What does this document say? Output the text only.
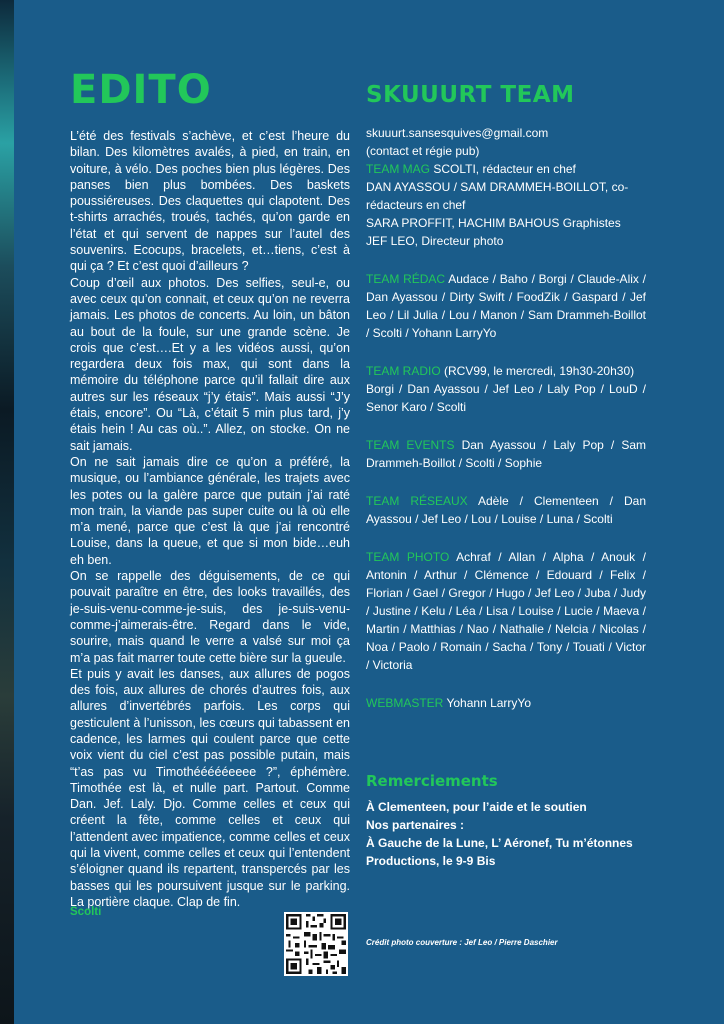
EDITO

L’été des festivals s’achève, et c’est l’heure du bilan. Des kilomètres avalés, à pied, en train, en voiture, à vélo. Des poches bien plus légères. Des panses bien plus bombées. Des baskets poussiéreuses. Des claquettes qui clapotent. Des t-shirts arrachés, troués, tachés, qu’on garde en l’état et qui servent de nappes sur l’autel des souvenirs. Ecocups, bracelets, et…tiens, c’est à qui ça ? Et c’est quoi d’ailleurs ?

Coup d’œil aux photos. Des selfies, seul-e, ou avec ceux qu’on connait, et ceux qu’on ne reverra jamais. Les photos de concerts. Au loin, un bâton au bout de la foule, sur une grande scène. Je crois que c’est….Et y a les vidéos aussi, qu’on regardera deux fois max, qui sont dans la mémoire du téléphone parce qu’il fallait dire aux autres sur les réseaux “j’y étais”. Mais aussi “J’y étais, encore”. Ou “Là, c’était 5 min plus tard, j’y étais hein ! Au cas où..”. Allez, on stocke. On ne sait jamais.

On ne sait jamais dire ce qu’on a préféré, la musique, ou l’ambiance générale, les trajets avec les potes ou la galère parce que putain j’ai raté mon train, la viande pas super cuite ou là où elle m’a mené, parce que c’est là que j’ai rencontré Louise, dans la queue, et que si mon bide…euh eh ben.

On se rappelle des déguisements, de ce qui pouvait paraître en être, des looks travaillés, des je-suis-venu-comme-je-suis, des je-suis-venu-comme-j’aimerais-être. Regard dans le vide, sourire, mais quand le verre a valsé sur moi ça m’a pas fait marrer toute cette bière sur la gueule.

Et puis y avait les danses, aux allures de pogos des fois, aux allures de chorés d’autres fois, aux allures d’invertébrés parfois. Les corps qui gesticulent à l’unisson, les cœurs qui tabassent en cadence, les larmes qui coulent parce que cette voix vient du ciel c’est pas possible putain, mais “t’as pas vu Timothéééééeeee ?”, éphémère. Timothée est là, et nulle part. Partout. Comme Dan. Jef. Laly. Djo. Comme celles et ceux qui créent la fête, comme celles et ceux qui l’attendent avec impatience, comme celles et ceux qui la vivent, comme celles et ceux qui l’entendent s’éloigner quand ils repartent, transpercés par les basses qui les poursuivent jusque sur le parking. La portière claque. Clap de fin.

Scolti
SKUUURT TEAM

skuuurt.sansesquives@gmail.com

(contact et régie pub)

TEAM MAG SCOLTI, rédacteur en chef

DAN AYASSOU / SAM DRAMMEH-BOILLOT, co-rédacteurs en chef

SARA PROFFIT, HACHIM BAHOUS Graphistes

JEF LEO, Directeur photo

TEAM RÉDAC Audace / Baho / Borgi / Claude-Alix / Dan Ayassou / Dirty Swift / FoodZik / Gaspard / Jef Leo / Lil Julia / Lou / Manon / Sam Drammeh-Boillot / Scolti / Yohann LarryYo

TEAM RADIO (RCV99, le mercredi, 19h30-20h30)

Borgi / Dan Ayassou / Jef Leo / Laly Pop / LouD / Senor Karo / Scolti

TEAM EVENTS Dan Ayassou / Laly Pop / Sam Drammeh-Boillot / Scolti / Sophie

TEAM RÉSEAUX Adèle / Clementeen / Dan Ayassou / Jef Leo / Lou / Louise / Luna / Scolti

TEAM PHOTO Achraf / Allan / Alpha / Anouk / Antonin / Arthur / Clémence / Edouard / Felix / Florian / Gael / Gregor / Hugo / Jef Leo / Juba / Judy / Justine / Kelu / Léa / Lisa / Louise / Lucie / Maeva / Martin / Matthias / Nao / Nathalie / Nelcia / Nicolas / Noa / Paolo / Romain / Sacha / Tony / Touati / Victor / Victoria

WEBMASTER Yohann LarryYo

Remerciements

À Clementeen, pour l’aide et le soutien

Nos partenaires :

À Gauche de la Lune, L’ Aéronef, Tu m’étonnes Productions, le 9-9 Bis

Crédit photo couverture : Jef Leo / Pierre Daschier
